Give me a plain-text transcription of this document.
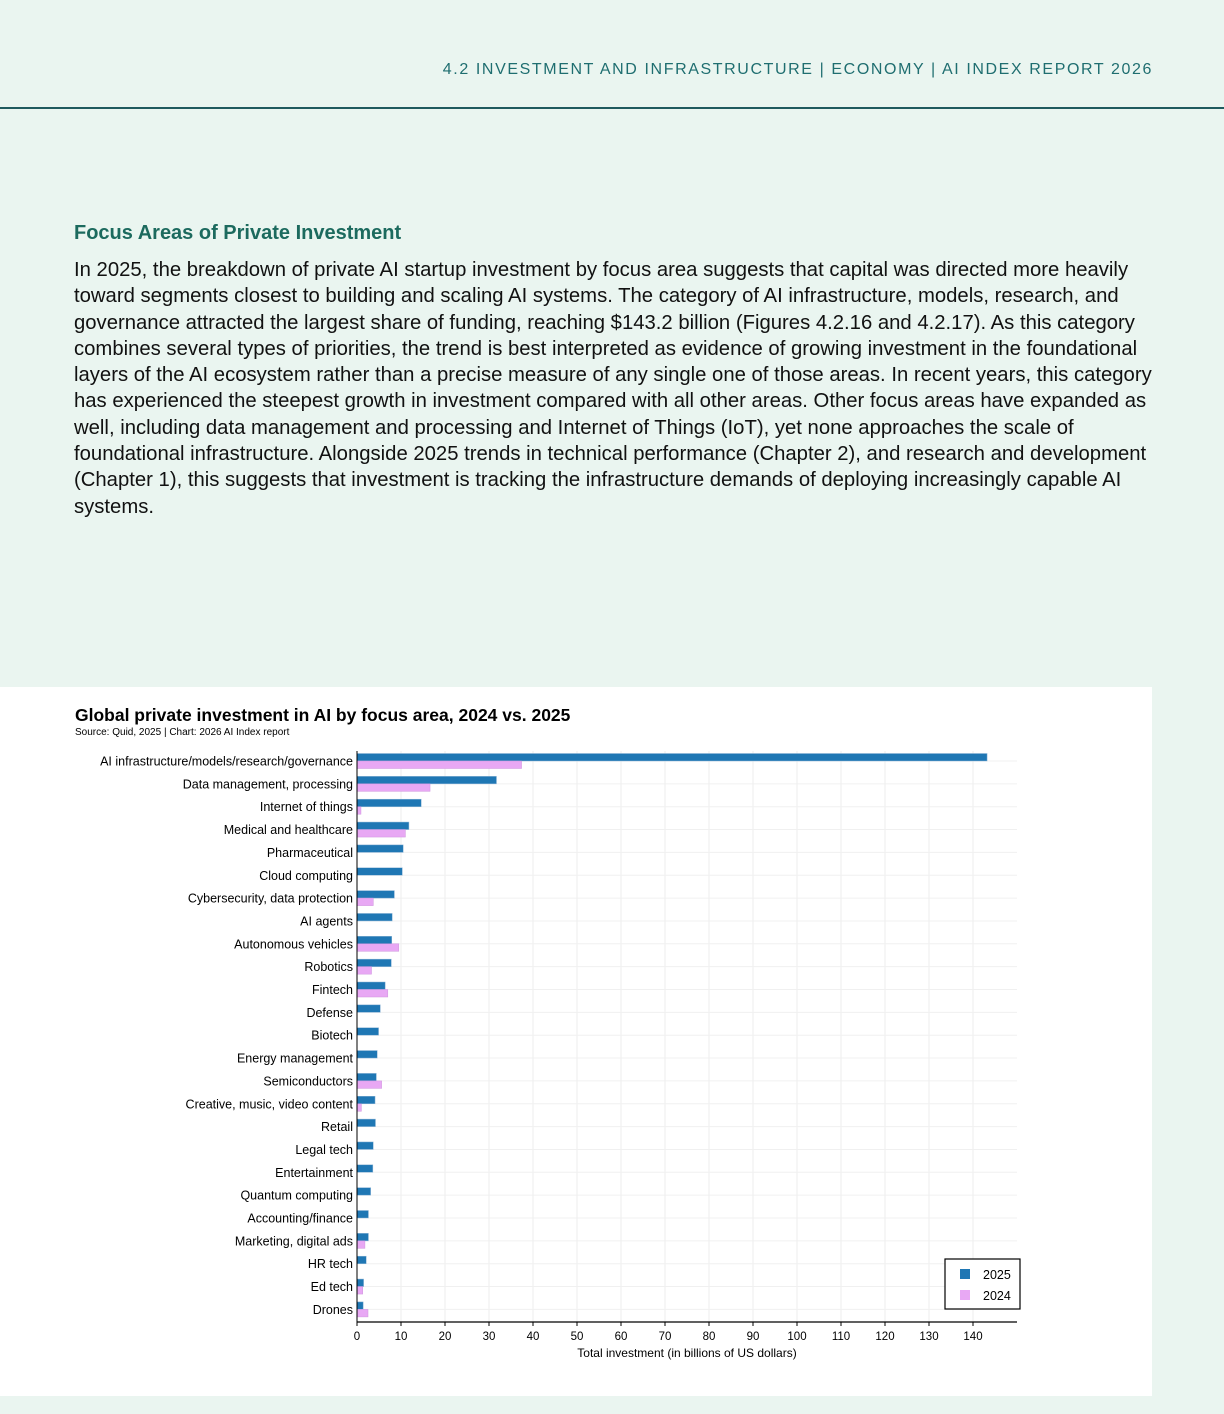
4.2 INVESTMENT AND INFRASTRUCTURE | ECONOMY | AI INDEX REPORT 2026
Focus Areas of Private Investment
In 2025, the breakdown of private AI startup investment by focus area suggests that capital was directed more heavily toward segments closest to building and scaling AI systems. The category of AI infrastructure, models, research, and governance attracted the largest share of funding, reaching $143.2 billion (Figures 4.2.16 and 4.2.17). As this category combines several types of priorities, the trend is best interpreted as evidence of growing investment in the foundational layers of the AI ecosystem rather than a precise measure of any single one of those areas. In recent years, this category has experienced the steepest growth in investment compared with all other areas. Other focus areas have expanded as well, including data management and processing and Internet of Things (IoT), yet none approaches the scale of foundational infrastructure. Alongside 2025 trends in technical performance (Chapter 2), and research and development (Chapter 1), this suggests that investment is tracking the infrastructure demands of deploying increasingly capable AI systems.
Global private investment in AI by focus area, 2024 vs. 2025
Source: Quid, 2025 | Chart: 2026 AI Index report
AI infrastructure/models/research/governance
Data management, processing
Internet of things
Medical and healthcare
Pharmaceutical
Cloud computing
Cybersecurity, data protection
AI agents
Autonomous vehicles
Robotics
Fintech
Defense
Biotech
Energy management
Semiconductors
Creative, music, video content
Retail
Legal tech
Entertainment
Quantum computing
Accounting/finance
Marketing, digital ads
HR tech
Ed tech
Drones
0	10	20	30	40	50	60	70	80	90 100 110 120 130 140
Total investment (in billions of US dollars)
2025
2024
